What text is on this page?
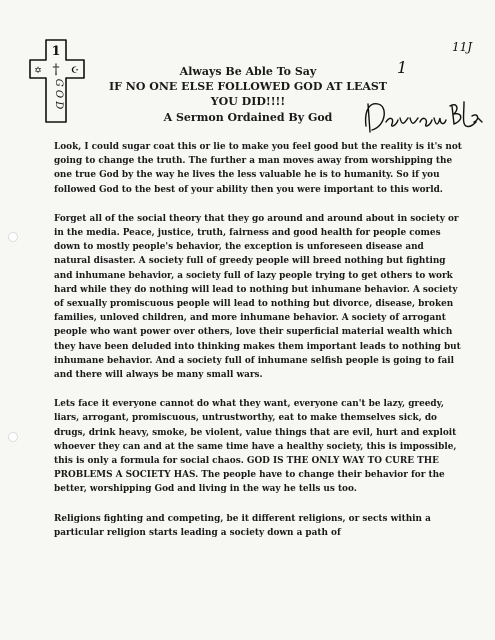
1
✡ † ☪
G O D
Always Be Able To Say
IF NO ONE ELSE FOLLOWED GOD AT LEAST
YOU DID!!!!
A Sermon Ordained By God
1
11J

Look, I could sugar coat this or lie to make you feel good but the reality is it's not going to change the truth. The further a man moves away from worshipping the one true God by the way he lives the less valuable he is to humanity. So if you followed God to the best of your ability then you were important to this world.

Forget all of the social theory that they go around and around about in society or in the media. Peace, justice, truth, fairness and good health for people comes down to mostly people's behavior, the exception is unforeseen disease and natural disaster. A society full of greedy people will breed nothing but fighting and inhumane behavior, a society full of lazy people trying to get others to work hard while they do nothing will lead to nothing but inhumane behavior. A society of sexually promiscuous people will lead to nothing but divorce, disease, broken families, unloved children, and more inhumane behavior. A society of arrogant people who want power over others, love their superficial material wealth which they have been deluded into thinking makes them important leads to nothing but inhumane behavior. And a society full of inhumane selfish people is going to fail and there will always be many small wars.

Lets face it everyone cannot do what they want, everyone can't be lazy, greedy, liars, arrogant, promiscuous, untrustworthy, eat to make themselves sick, do drugs, drink heavy, smoke, be violent, value things that are evil, hurt and exploit whoever they can and at the same time have a healthy society, this is impossible, this is only a formula for social chaos. GOD IS THE ONLY WAY TO CURE THE PROBLEMS A SOCIETY HAS. The people have to change their behavior for the better, worshipping God and living in the way he tells us too.

Religions fighting and competing, be it different religions, or sects within a particular religion starts leading a society down a path of
